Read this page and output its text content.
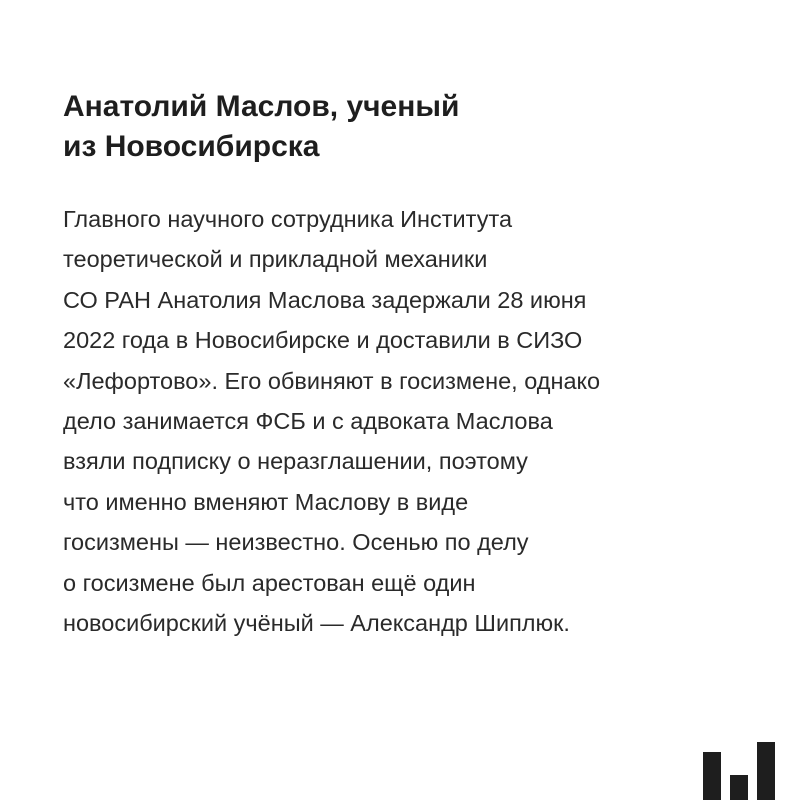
Анатолий Маслов, ученый
из Новосибирска
Главного научного сотрудника Института
теоретической и прикладной механики
СО РАН Анатолия Маслова задержали 28 июня
2022 года в Новосибирске и доставили в СИЗО
«Лефортово». Его обвиняют в госизмене, однако
дело занимается ФСБ и с адвоката Маслова
взяли подписку о неразглашении, поэтому
что именно вменяют Маслову в виде
госизмены — неизвестно. Осенью по делу
о госизмене был арестован ещё один
новосибирский учёный — Александр Шиплюк.
